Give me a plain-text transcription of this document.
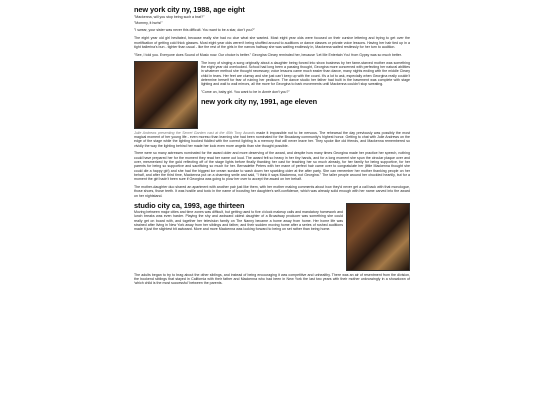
new york city ny, 1988, age eight

"Mackenna, will you stop being such a brat?"

"Mommy, it hurts!"

"I swear, your sister was never this difficult. You want to be a star, don't you?"

The eight year old girl hesitated, because really she had no clue what she wanted. Most eight year olds were focused on their cursive lettering and trying to get over the mortification of getting cold thick glasses. Most eight year olds weren't being shuffled around to auditions or dance classes or private voice lessons. Having her hair tied up in a tight ballerina's bun - tighter than usual - like the rest of the girls in the narrow hallway she was waiting endlessly in, Mackenna waited restlessly for her turn to audition.

"See, I told you. Everyone does Sound of Music now. Our choice is better." Georgina Cleary reminded her, because 'Let Me Entertain You' from Gypsy was so much better.

The irony of singing a song originally about a daughter being forced into show business by her fame-starved mother was something the eight year old overlooked. School had long been a passing thought, Georgina more concerned with perfecting her natural abilities in whatever method she thought necessary; voice lessons came much easier than dance, many nights ending with the middle Cleary child in tears. Her feet are clumsy and she just can't keep up with the count. It's a lot to ask, especially when Georgina really couldn't determine herself for fear of ruining her pedicure. The dance studio her father had built in the basement was complete with stage lighting and wall to wall mirrors, all the more for Georgina to bark movements until Mackenna couldn't stop sweating.

"Come on, baby girl. You want to be in Annie don't you?"

new york city ny, 1991, age eleven

Julie Andrews presenting the Secret Garden cast at the 45th Tony Awards made it impossible not to be nervous. The rehearsal the day previously was possibly the most magical moment of her young life - even moreso than learning she had been nominated for the Broadway community's highest honor. Getting to chat with Julie Andrews on the edge of the stage while the lighting booked fiddled with the correct lighting is a memory that will never leave her. They spoke like old friends, and Mackenna remembered so vividly the way the lighting behind her made her look even more angelic than she thought possible.

There were so many actresses nominated for the award older and more deserving of the award, and despite how many times Georgina made her practice her speech, nothing could have prepared her for the moment they read her name out loud. The award felt so heavy in her tiny hands, and for a long moment she spun the circular plaque over and over, mesmerized by the gold reflecting off of the stage lights before finally thanking her cast for teaching her so much already, for her family for being supportive, for her parents for being so supportive and sacrificing so much for her. Bernadette Peters with her mane of perfect hair came over to congratulate her (little Mackenna thought she could die a happy girl) and she had the biggest ice cream sundae to wash down her sparkling cider at the after party. She can remember her mother thanking people on her behalf, and after the third time, Mackenna put on a charming smile and said, "I think it says Mackenna, not Georgina." The taller people around her chuckled heartily, but for a moment the girl hadn't been sure if Georgina was going to plow her over to accept the award on her behalf.

The mother-daughter duo shared an apartment with another pair just like them, with her mother making comments about how they'd never get a call back with that monologue, those shoes, those teeth. It was hostile and toxic in the name of boosting her daughter's self-confidence, which was already solid enough with her name carved into the award on her nightstand.

studio city ca, 1993, age thirteen

Moving between major cities and time zones was difficult, but getting used to five o'clock makeup calls and mandatory homework and lunch breaks was even harder. Playing the shy and awkward oldest daughter of a Broadway producer was something she could really get on board with, and together her television family on The Nanny became a home away from home. Her home life was strained after living in New York away from her siblings and father, and their sudden moving home after a series of rushed auditions made it just the slightest bit awkward. More and more Mackenna was looking forward to being on set rather than being home.

The adults began to try to brag about the other siblings, and instead of being encouraging it was competitive and unhealthy. There was an air of resentment from the division, the bookend siblings that stayed in California with their father and Mackenna who had been in New York the last two years with their mother unknowingly in a showdown of 'which child is the most successful' between the parents.
